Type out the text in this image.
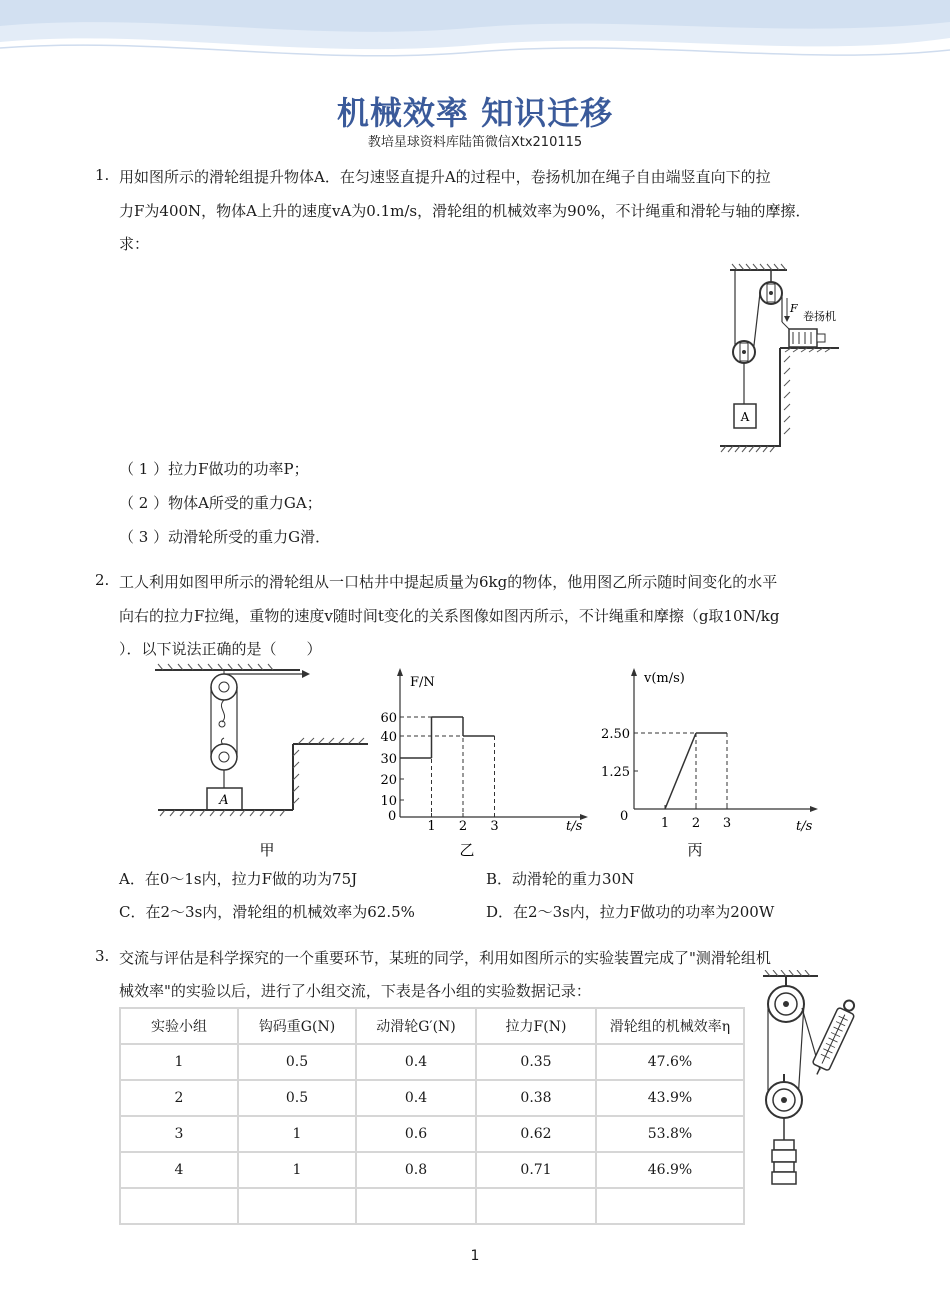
机械效率 知识迁移
教培星球资料库陆笛微信Xtx210115
1. 用如图所示的滑轮组提升物体A．在匀速竖直提升A的过程中，卷扬机加在绳子自由端竖直向下的拉
力F为400N，物体A上升的速度vA为0.1m/s，滑轮组的机械效率为90%，不计绳重和滑轮与轴的摩擦．
求：
F
卷扬机
A
（ 1 ）拉力F做功的功率P；
（ 2 ）物体A所受的重力GA；
（ 3 ）动滑轮所受的重力G滑．
2. 工人利用如图甲所示的滑轮组从一口枯井中提起质量为6kg的物体，他用图乙所示随时间变化的水平
向右的拉力F拉绳，重物的速度v随时间t变化的关系图像如图丙所示，不计绳重和摩擦（g取10N/kg
）．以下说法正确的是（　　）
A
甲
F/N
t/s
0
1 2 3
10
20
30
40
60
乙
v(m/s)
t/s
0	1 2 3
1.25
2.50
丙
A．在0～1s内，拉力F做的功为75J	B．动滑轮的重力30N
C．在2～3s内，滑轮组的机械效率为62.5%	D．在2～3s内，拉力F做功的功率为200W
3. 交流与评估是科学探究的一个重要环节，某班的同学，利用如图所示的实验装置完成了"测滑轮组机
械效率"的实验以后，进行了小组交流，下表是各小组的实验数据记录：
实验小组	钩码重G(N)	动滑轮G′(N)	拉力F(N)	滑轮组的机械效率η
1	0.5	0.4	0.35	47.6%
2	0.5	0.4	0.38	43.9%
3	1	0.6	0.62	53.8%
4	1	0.8	0.71	46.9%

1
